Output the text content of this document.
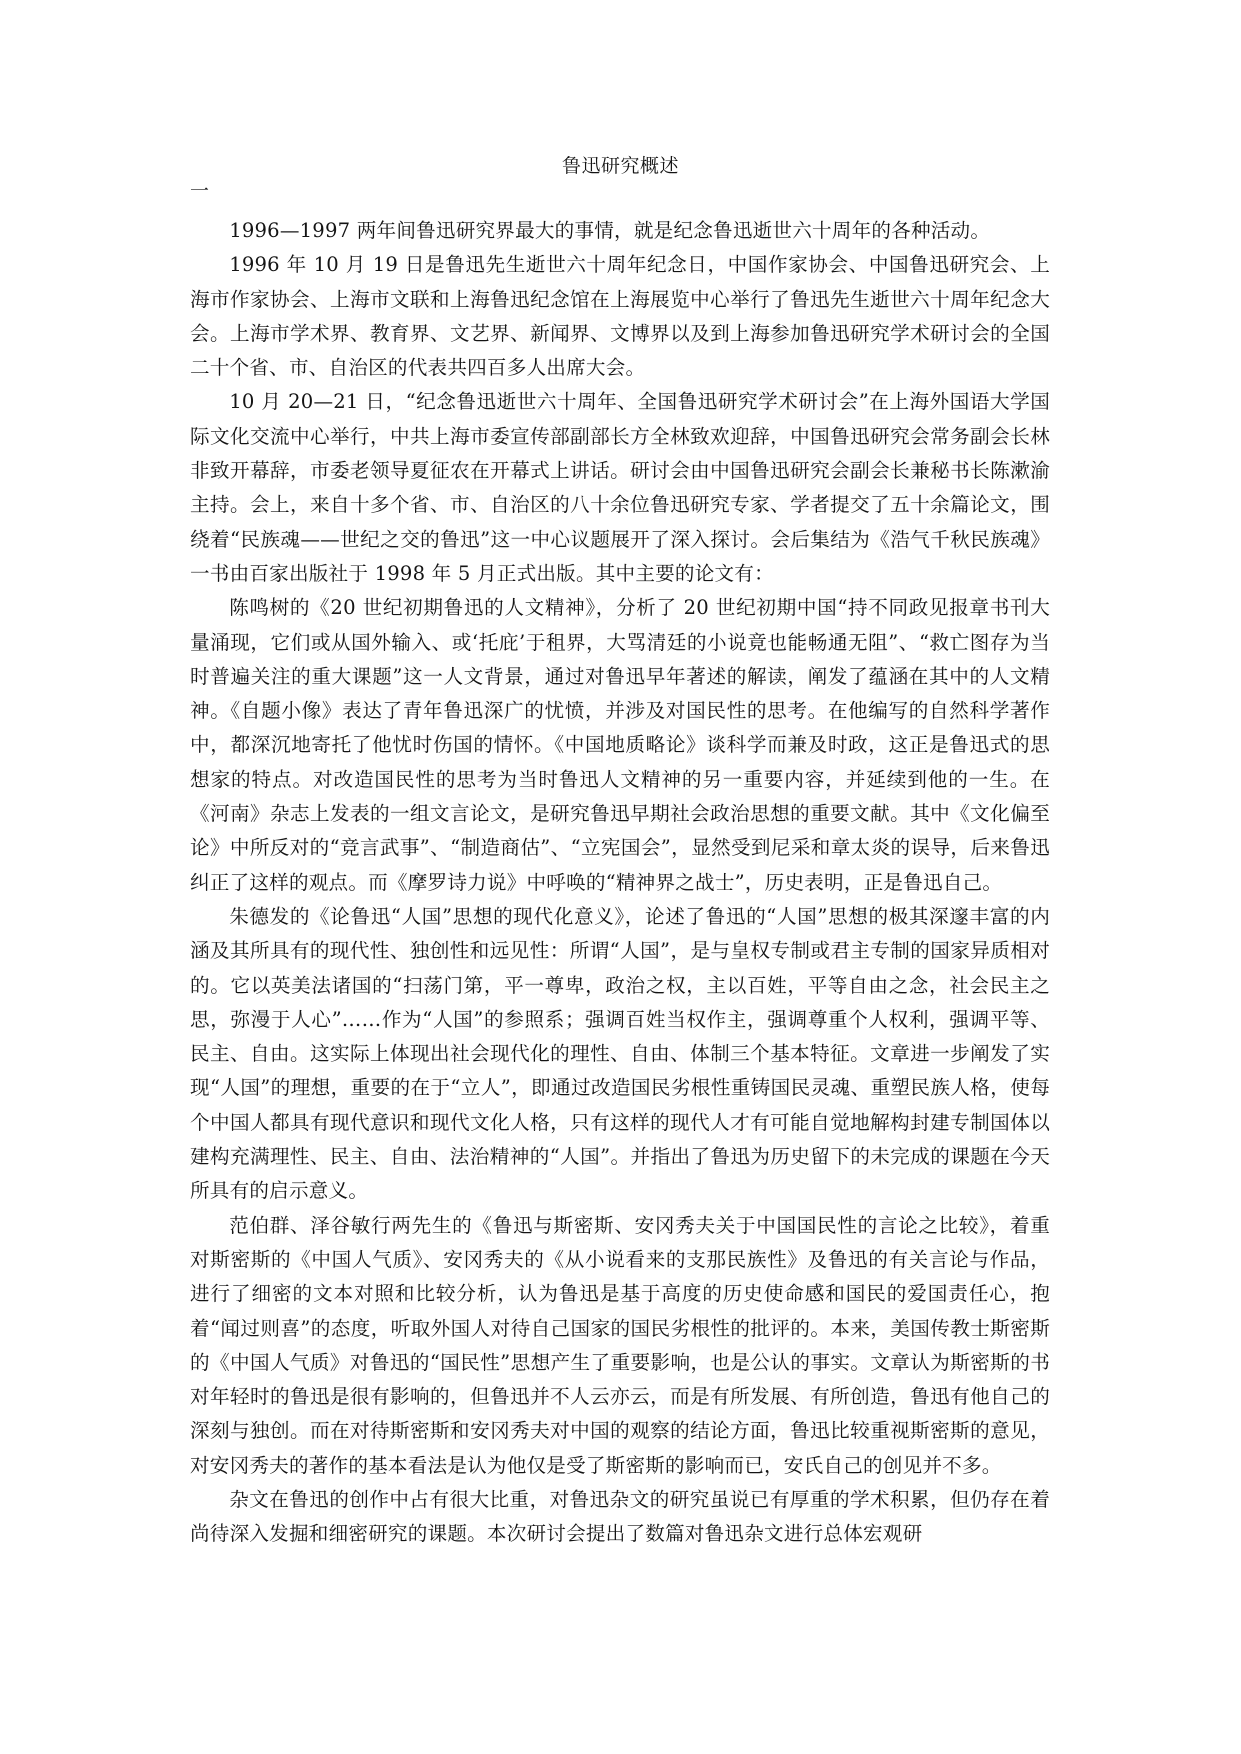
鲁迅研究概述
一

1996—1997 两年间鲁迅研究界最大的事情，就是纪念鲁迅逝世六十周年的各种活动。

1996 年 10 月 19 日是鲁迅先生逝世六十周年纪念日，中国作家协会、中国鲁迅研究会、上海市作家协会、上海市文联和上海鲁迅纪念馆在上海展览中心举行了鲁迅先生逝世六十周年纪念大会。上海市学术界、教育界、文艺界、新闻界、文博界以及到上海参加鲁迅研究学术研讨会的全国二十个省、市、自治区的代表共四百多人出席大会。

10 月 20—21 日，“纪念鲁迅逝世六十周年、全国鲁迅研究学术研讨会”在上海外国语大学国际文化交流中心举行，中共上海市委宣传部副部长方全林致欢迎辞，中国鲁迅研究会常务副会长林非致开幕辞，市委老领导夏征农在开幕式上讲话。研讨会由中国鲁迅研究会副会长兼秘书长陈漱渝主持。会上，来自十多个省、市、自治区的八十余位鲁迅研究专家、学者提交了五十余篇论文，围绕着“民族魂——世纪之交的鲁迅”这一中心议题展开了深入探讨。会后集结为《浩气千秋民族魂》一书由百家出版社于 1998 年 5 月正式出版。其中主要的论文有：

陈鸣树的《20 世纪初期鲁迅的人文精神》，分析了 20 世纪初期中国“持不同政见报章书刊大量涌现，它们或从国外输入、或‘托庇’于租界，大骂清廷的小说竟也能畅通无阻”、“救亡图存为当时普遍关注的重大课题”这一人文背景，通过对鲁迅早年著述的解读，阐发了蕴涵在其中的人文精神。《自题小像》表达了青年鲁迅深广的忧愤，并涉及对国民性的思考。在他编写的自然科学著作中，都深沉地寄托了他忧时伤国的情怀。《中国地质略论》谈科学而兼及时政，这正是鲁迅式的思想家的特点。对改造国民性的思考为当时鲁迅人文精神的另一重要内容，并延续到他的一生。在《河南》杂志上发表的一组文言论文，是研究鲁迅早期社会政治思想的重要文献。其中《文化偏至论》中所反对的“竞言武事”、“制造商估”、“立宪国会”，显然受到尼采和章太炎的误导，后来鲁迅纠正了这样的观点。而《摩罗诗力说》中呼唤的“精神界之战士”，历史表明，正是鲁迅自己。

朱德发的《论鲁迅“人国”思想的现代化意义》，论述了鲁迅的“人国”思想的极其深邃丰富的内涵及其所具有的现代性、独创性和远见性：所谓“人国”，是与皇权专制或君主专制的国家异质相对的。它以英美法诸国的“扫荡门第，平一尊卑，政治之权，主以百姓，平等自由之念，社会民主之思，弥漫于人心”……作为“人国”的参照系；强调百姓当权作主，强调尊重个人权利，强调平等、民主、自由。这实际上体现出社会现代化的理性、自由、体制三个基本特征。文章进一步阐发了实现“人国”的理想，重要的在于“立人”，即通过改造国民劣根性重铸国民灵魂、重塑民族人格，使每个中国人都具有现代意识和现代文化人格，只有这样的现代人才有可能自觉地解构封建专制国体以建构充满理性、民主、自由、法治精神的“人国”。并指出了鲁迅为历史留下的未完成的课题在今天所具有的启示意义。

范伯群、泽谷敏行两先生的《鲁迅与斯密斯、安冈秀夫关于中国国民性的言论之比较》，着重对斯密斯的《中国人气质》、安冈秀夫的《从小说看来的支那民族性》及鲁迅的有关言论与作品，进行了细密的文本对照和比较分析，认为鲁迅是基于高度的历史使命感和国民的爱国责任心，抱着“闻过则喜”的态度，听取外国人对待自己国家的国民劣根性的批评的。本来，美国传教士斯密斯的《中国人气质》对鲁迅的“国民性”思想产生了重要影响，也是公认的事实。文章认为斯密斯的书对年轻时的鲁迅是很有影响的，但鲁迅并不人云亦云，而是有所发展、有所创造，鲁迅有他自己的深刻与独创。而在对待斯密斯和安冈秀夫对中国的观察的结论方面，鲁迅比较重视斯密斯的意见，对安冈秀夫的著作的基本看法是认为他仅是受了斯密斯的影响而已，安氏自己的创见并不多。

杂文在鲁迅的创作中占有很大比重，对鲁迅杂文的研究虽说已有厚重的学术积累，但仍存在着尚待深入发掘和细密研究的课题。本次研讨会提出了数篇对鲁迅杂文进行总体宏观研
